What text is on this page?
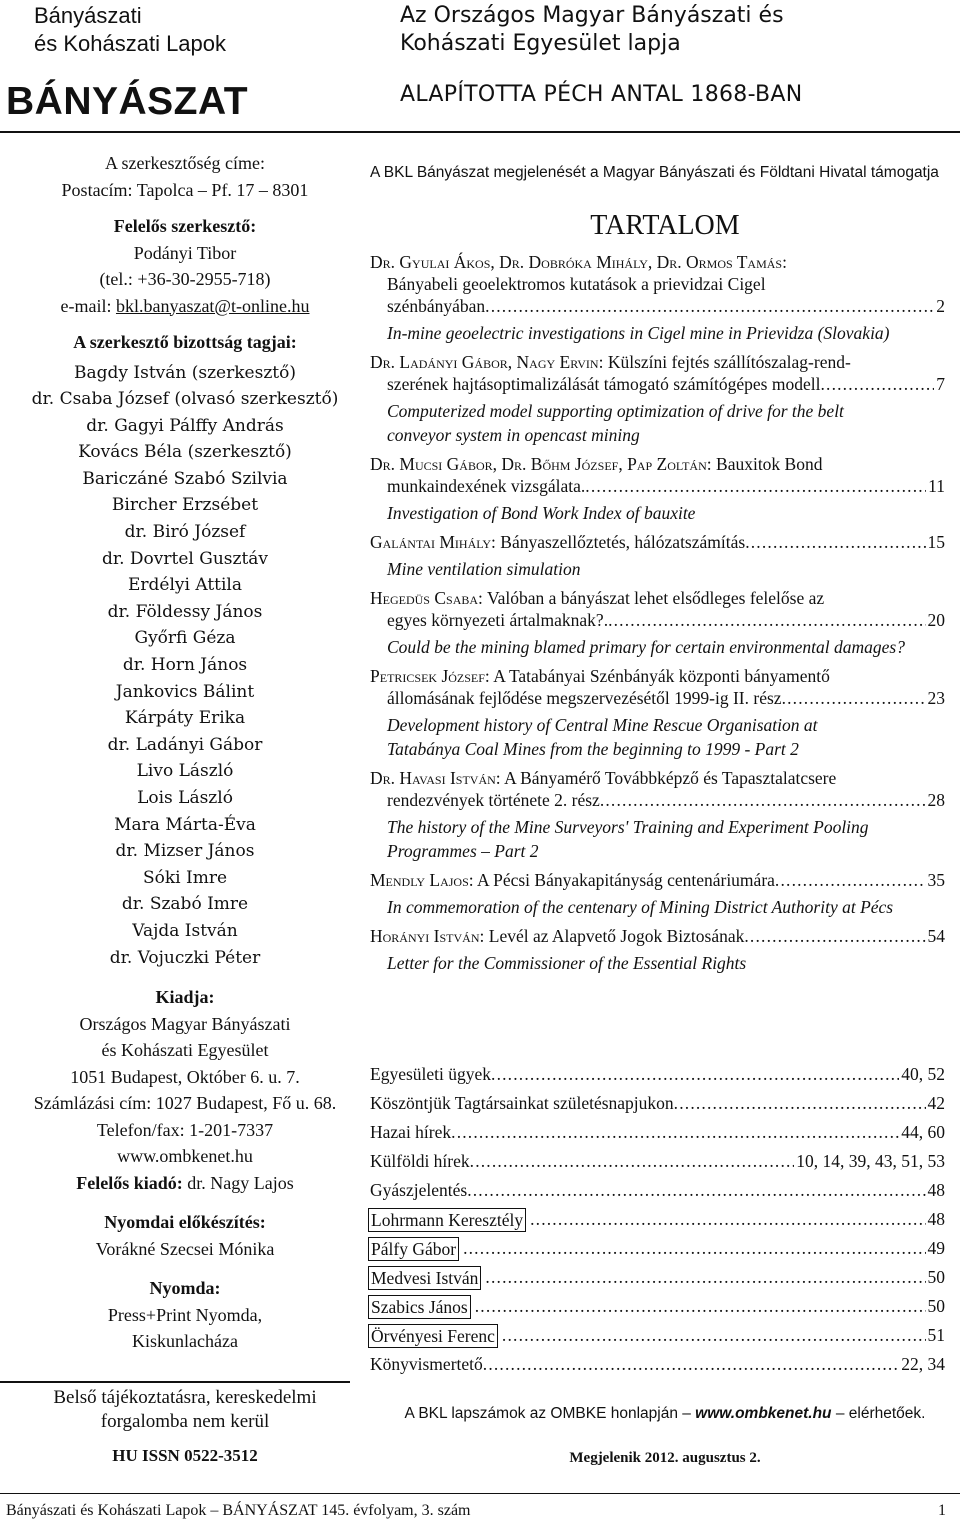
Bányászati
és Kohászati Lapok
BÁNYÁSZAT
Az Országos Magyar Bányászati és
Kohászati Egyesület lapja
ALAPÍTOTTA PÉCH ANTAL 1868-BAN
A szerkesztőség címe:
Postacím: Tapolca – Pf. 17 – 8301
Felelős szerkesztő:
Podányi Tibor
(tel.: +36-30-2955-718)
e-mail: bkl.banyaszat@t-online.hu
A szerkesztő bizottság tagjai:
Bagdy István (szerkesztő)
dr. Csaba József (olvasó szerkesztő)
dr. Gagyi Pálffy András
Kovács Béla (szerkesztő)
Bariczáné Szabó Szilvia
Bircher Erzsébet
dr. Biró József
dr. Dovrtel Gusztáv
Erdélyi Attila
dr. Földessy János
Győrfi Géza
dr. Horn János
Jankovics Bálint
Kárpáty Erika
dr. Ladányi Gábor
Livo László
Lois László
Mara Márta-Éva
dr. Mizser János
Sóki Imre
dr. Szabó Imre
Vajda István
dr. Vojuczki Péter
Kiadja:
Országos Magyar Bányászati
és Kohászati Egyesület
1051 Budapest, Október 6. u. 7.
Számlázási cím: 1027 Budapest, Fő u. 68.
Telefon/fax: 1-201-7337
www.ombkenet.hu
Felelős kiadó: dr. Nagy Lajos
Nyomdai előkészítés:
Vorákné Szecsei Mónika
Nyomda:
Press+Print Nyomda,
Kiskunlacháza
Belső tájékoztatásra, kereskedelmi
forgalomba nem kerül
HU ISSN 0522-3512
A BKL Bányászat megjelenését a Magyar Bányászati és Földtani Hivatal támogatja
TARTALOM
Dr. Gyulai Ákos, Dr. Dobróka Mihály, Dr. Ormos Tamás:
Bányabeli geoelektromos kutatások a prievidzai Cigel
szénbányában . . .	2
In-mine geoelectric investigations in Cigel mine in Prievidza (Slovakia)
Dr. Ladányi Gábor, Nagy Ervin: Külszíni fejtés szállítószalag-rend-
szerének hajtásoptimalizálását támogató számítógépes modell . . .	7
Computerized model supporting optimization of drive for the belt
conveyor system in opencast mining
Dr. Mucsi Gábor, Dr. Bőhm József, Pap Zoltán: Bauxitok Bond
munkaindexének vizsgálata. . . .	11
Investigation of Bond Work Index of bauxite
Galántai Mihály: Bányaszellőztetés, hálózatszámítás . . .	15
Mine ventilation simulation
Hegedüs Csaba: Valóban a bányászat lehet elsődleges felelőse az
egyes környezeti ártalmaknak?. . . .	20
Could be the mining blamed primary for certain environmental damages?
Petricsek József: A Tatabányai Szénbányák központi bányamentő
állomásának fejlődése megszervezésétől 1999-ig II. rész . . .	23
Development history of Central Mine Rescue Organisation at
Tatabánya Coal Mines from the beginning to 1999 - Part 2
Dr. Havasi István: A Bányamérő Továbbképző és Tapasztalatcsere
rendezvények története 2. rész . . .	28
The history of the Mine Surveyors' Training and Experiment Pooling
Programmes – Part 2
Mendly Lajos: A Pécsi Bányakapitányság centenáriumára . . .	35
In commemoration of the centenary of Mining District Authority at Pécs
Horányi István: Levél az Alapvető Jogok Biztosának . . .	54
Letter for the Commissioner of the Essential Rights
Egyesületi ügyek . . .	40, 52
Köszöntjük Tagtársainkat születésnapjukon . . .	42
Hazai hírek . . .	44, 60
Külföldi hírek . . .	10, 14, 39, 43, 51, 53
Gyászjelentés . . .	48
Lohrmann Keresztély . . .	48
Pálfy Gábor . . .	49
Medvesi István . . .	50
Szabics János . . .	50
Örvényesi Ferenc . . .	51
Könyvismertető . . .	22, 34
A BKL lapszámok az OMBKE honlapján – www.ombkenet.hu – elérhetőek.
Megjelenik 2012. augusztus 2.
Bányászati és Kohászati Lapok – BÁNYÁSZAT 145. évfolyam, 3. szám	1
